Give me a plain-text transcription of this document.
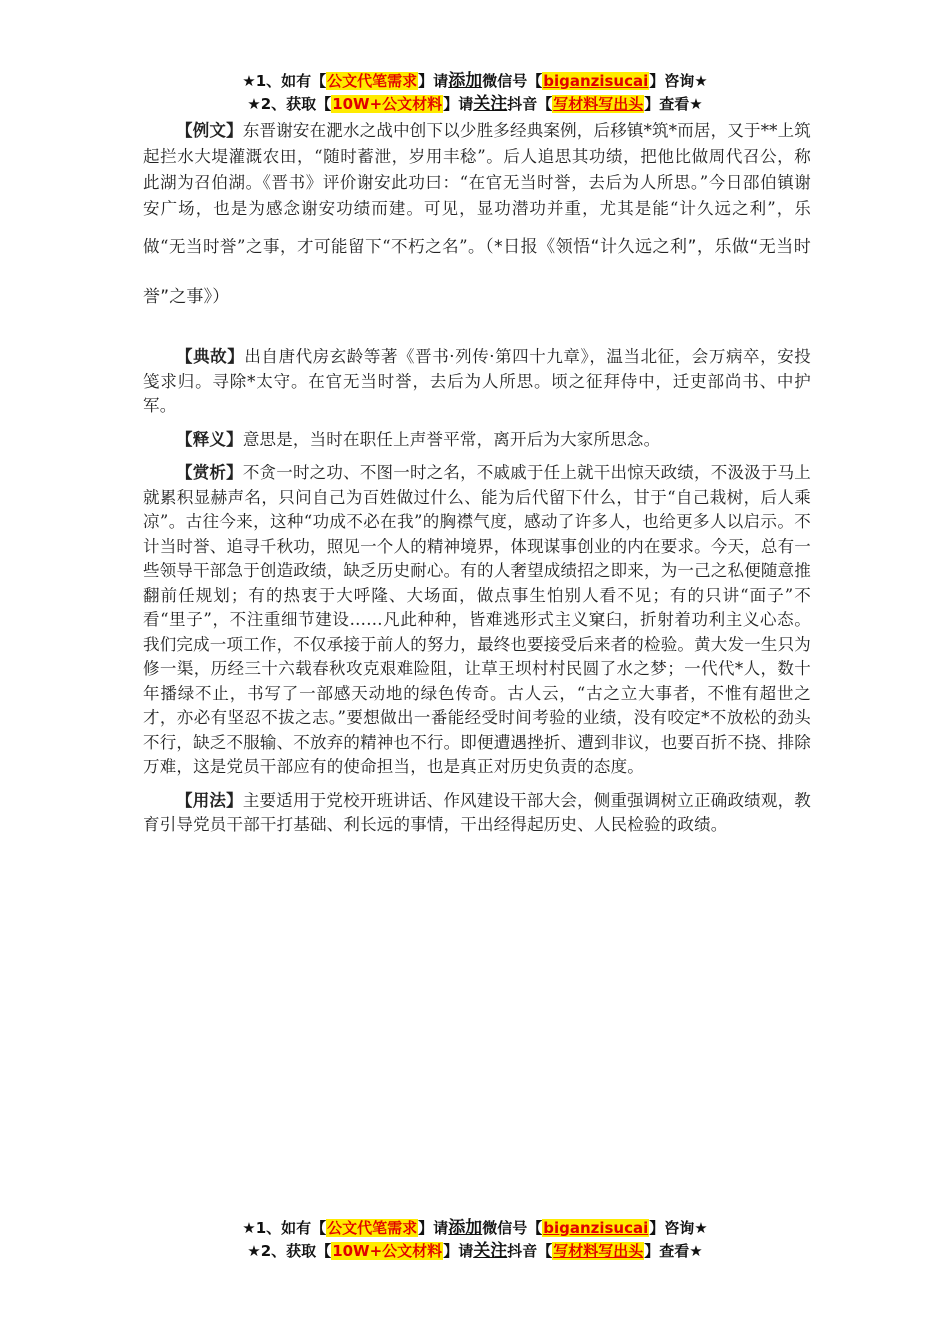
★1、如有【公文代笔需求】请添加微信号【biganzisucai】咨询★
★2、获取【10W+公文材料】请关注抖音【写材料写出头】查看★

【例文】东晋谢安在淝水之战中创下以少胜多经典案例，后移镇*筑*而居，又于**上筑起拦水大堤灌溉农田，“随时蓄泄，岁用丰稔”。后人追思其功绩，把他比做周代召公，称此湖为召伯湖。《晋书》评价谢安此功曰：“在官无当时誉，去后为人所思。”今日邵伯镇谢安广场，也是为感念谢安功绩而建。可见，显功潜功并重，尤其是能“计久远之利”，乐做“无当时誉”之事，才可能留下“不朽之名”。（*日报《领悟“计久远之利”，乐做“无当时誉”之事》）

【典故】出自唐代房玄龄等著《晋书·列传·第四十九章》，温当北征，会万病卒，安投笺求归。寻除*太守。在官无当时誉，去后为人所思。顷之征拜侍中，迁吏部尚书、中护军。

【释义】意思是，当时在职任上声誉平常，离开后为大家所思念。

【赏析】不贪一时之功、不图一时之名，不戚戚于任上就干出惊天政绩，不汲汲于马上就累积显赫声名，只问自己为百姓做过什么、能为后代留下什么，甘于“自己栽树，后人乘凉”。古往今来，这种“功成不必在我”的胸襟气度，感动了许多人，也给更多人以启示。不计当时誉、追寻千秋功，照见一个人的精神境界，体现谋事创业的内在要求。今天，总有一些领导干部急于创造政绩，缺乏历史耐心。有的人奢望成绩招之即来，为一己之私便随意推翻前任规划；有的热衷于大呼隆、大场面，做点事生怕别人看不见；有的只讲“面子”不看“里子”，不注重细节建设……凡此种种，皆难逃形式主义窠臼，折射着功利主义心态。我们完成一项工作，不仅承接于前人的努力，最终也要接受后来者的检验。黄大发一生只为修一渠，历经三十六载春秋攻克艰难险阻，让草王坝村村民圆了水之梦；一代代*人，数十年播绿不止，书写了一部感天动地的绿色传奇。古人云，“古之立大事者，不惟有超世之才，亦必有坚忍不拔之志。”要想做出一番能经受时间考验的业绩，没有咬定*不放松的劲头不行，缺乏不服输、不放弃的精神也不行。即便遭遇挫折、遭到非议，也要百折不挠、排除万难，这是党员干部应有的使命担当，也是真正对历史负责的态度。

【用法】主要适用于党校开班讲话、作风建设干部大会，侧重强调树立正确政绩观，教育引导党员干部干打基础、利长远的事情，干出经得起历史、人民检验的政绩。

★1、如有【公文代笔需求】请添加微信号【biganzisucai】咨询★
★2、获取【10W+公文材料】请关注抖音【写材料写出头】查看★
